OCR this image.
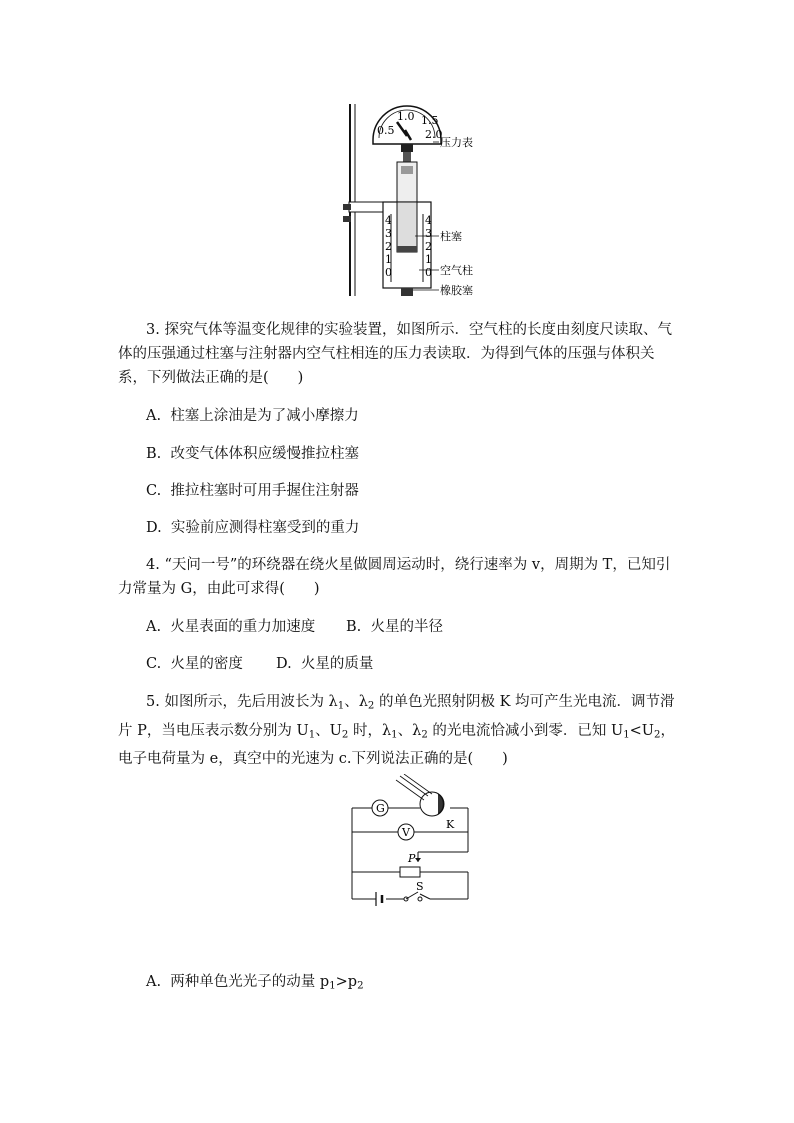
1.0 1.5
0.5	2.0
4
3
2
1
0
4
3
2
1
0
压力表
柱塞
空气柱
橡胶塞

3. 探究气体等温变化规律的实验装置，如图所示．空气柱的长度由刻度尺读取、气体的压强通过柱塞与注射器内空气柱相连的压力表读取．为得到气体的压强与体积关系，下列做法正确的是(　　)

A.  柱塞上涂油是为了减小摩擦力
B.  改变气体体积应缓慢推拉柱塞
C.  推拉柱塞时可用手握住注射器
D.  实验前应测得柱塞受到的重力

4. “天问一号”的环绕器在绕火星做圆周运动时，绕行速率为 v，周期为 T，已知引力常量为 G，由此可求得(　　)

A.  火星表面的重力加速度 B.  火星的半径
C.  火星的密度 D.  火星的质量

5. 如图所示，先后用波长为 $\lambda_1$、$\lambda_2$ 的单色光照射阴极 K 均可产生光电流．调节滑片 P，当电压表示数分别为 $U_1$、$U_2$ 时，$\lambda_1$、$\lambda_2$ 的光电流恰减小到零．已知 $U_1<U_2$，电子电荷量为 e，真空中的光速为 c.下列说法正确的是(　　)

G
K
V
P
S
A.  两种单色光光子的动量 $p_1>p_2$
